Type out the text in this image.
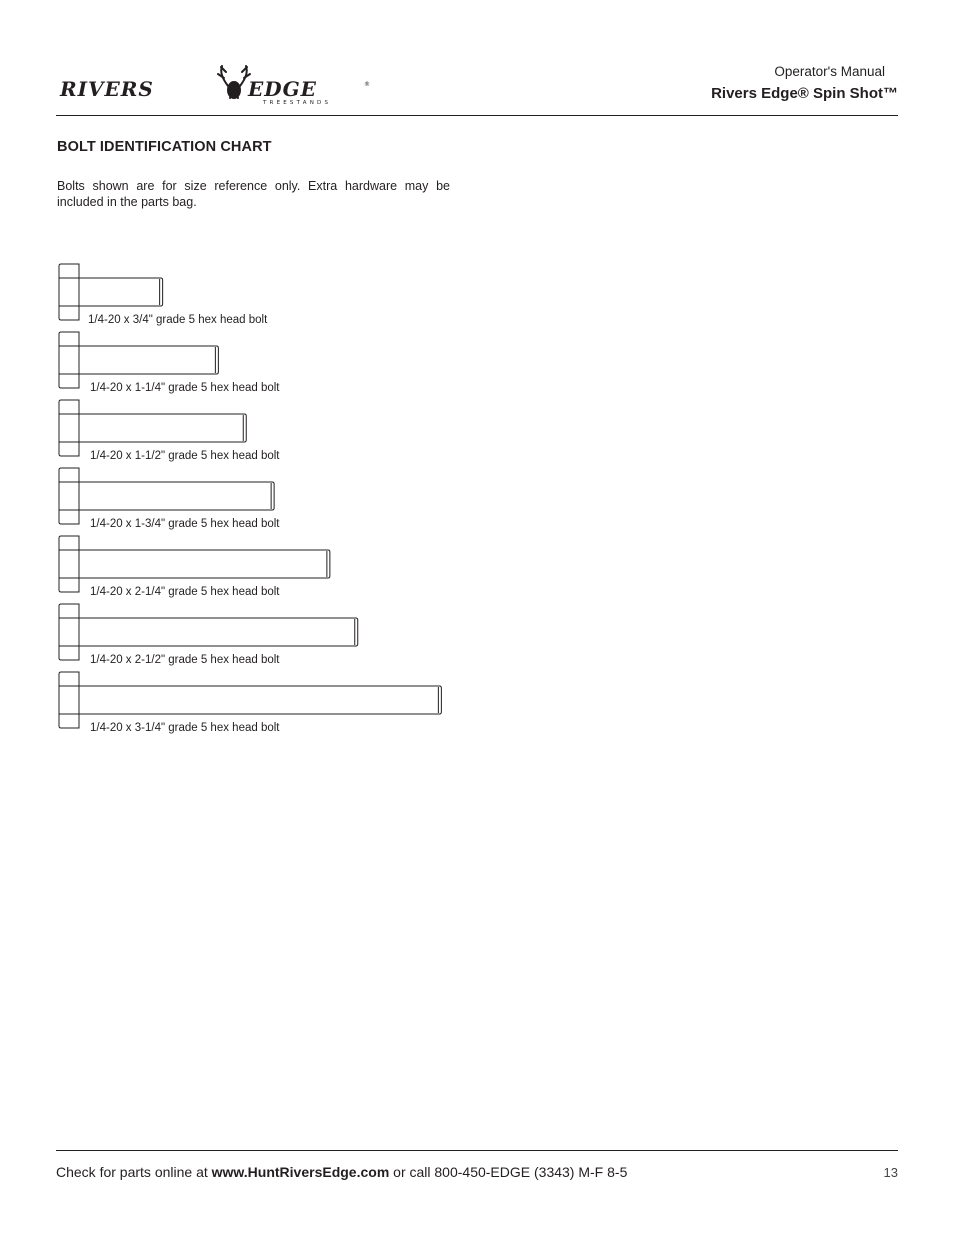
RIVERS	EDGE
TREESTANDS
®
Operator's Manual
Rivers Edge® Spin Shot™
BOLT IDENTIFICATION CHART
Bolts shown are for size reference only. Extra hardware may be included in the parts bag.
1/4-20 x 3/4" grade 5 hex head bolt
1/4-20 x 1-1/4" grade 5 hex head bolt
1/4-20 x 1-1/2" grade 5 hex head bolt
1/4-20 x 1-3/4" grade 5 hex head bolt
1/4-20 x 2-1/4" grade 5 hex head bolt
1/4-20 x 2-1/2" grade 5 hex head bolt
1/4-20 x 3-1/4" grade 5 hex head bolt
Check for parts online at www.HuntRiversEdge.com or call 800-450-EDGE (3343) M-F 8-5	13
